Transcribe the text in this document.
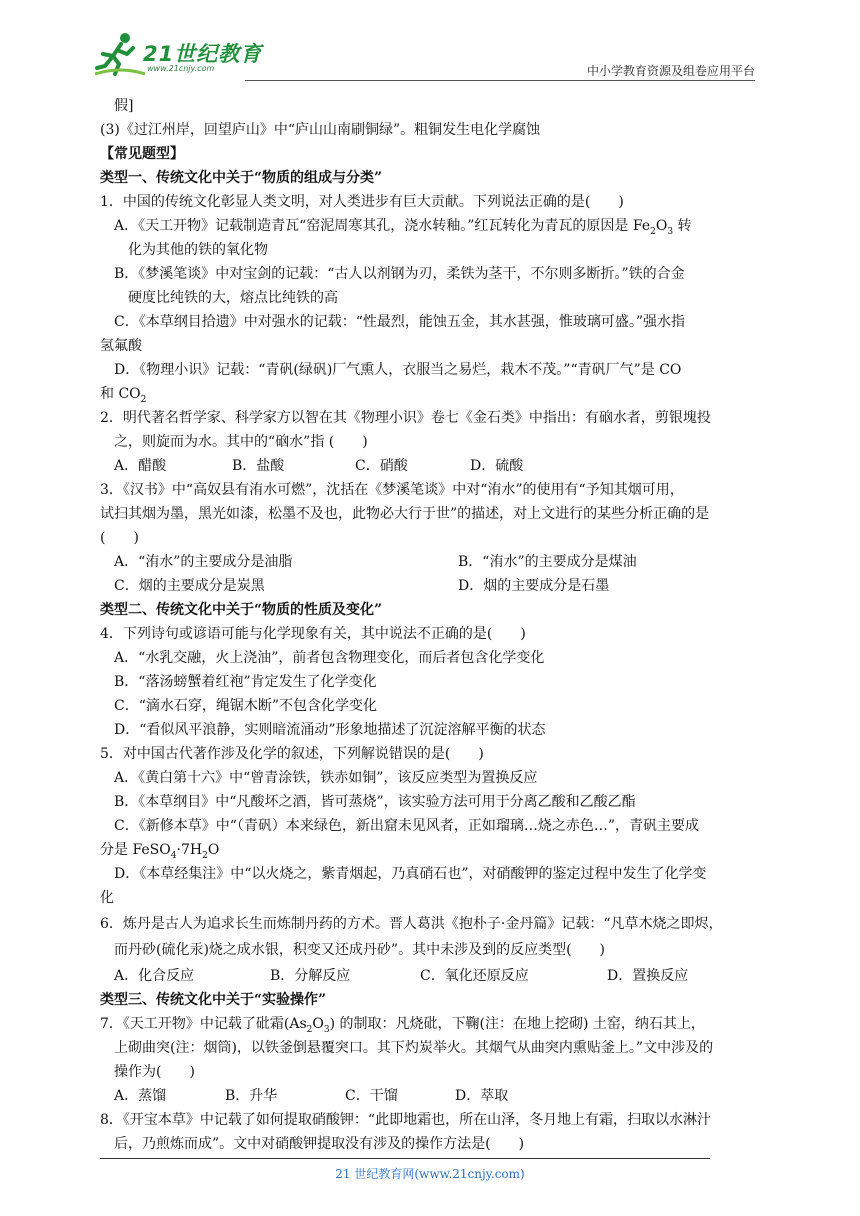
21世纪教育
www.21cnjy.com	中小学教育资源及组卷应用平台
假]
(3)《过江州岸，回望庐山》中“庐山山南刷铜绿”。粗铜发生电化学腐蚀
【常见题型】
类型一、传统文化中关于“物质的组成与分类”
1．中国的传统文化彰显人类文明，对人类进步有巨大贡献。下列说法正确的是(　　)
A．《天工开物》记载制造青瓦“窑泥周寒其孔，浇水转釉。”红瓦转化为青瓦的原因是 $Fe_2O_3$ 转
化为其他的铁的氧化物
B．《梦溪笔谈》中对宝剑的记载：“古人以剂钢为刃，柔铁为茎干，不尔则多断折。”铁的合金
硬度比纯铁的大，熔点比纯铁的高
C．《本草纲目拾遗》中对强水的记载：“性最烈，能蚀五金，其水甚强，惟玻璃可盛。”强水指
氢氟酸
D．《物理小识》记载：“青矾(绿矾)厂气熏人，衣服当之易烂，栽木不茂。”“青矾厂气”是 CO
和 $CO_2$
2．明代著名哲学家、科学家方以智在其《物理小识》卷七《金石类》中指出：有硇水者，剪银塊投
之，则旋而为水。其中的“硇水”指 (　　)
A．醋酸	B．盐酸	C．硝酸	D．硫酸
3．《汉书》中“高奴县有洧水可燃”，沈括在《梦溪笔谈》中对“洧水”的使用有“予知其烟可用，
试扫其烟为墨，黑光如漆，松墨不及也，此物必大行于世”的描述，对上文进行的某些分析正确的是
(　　)
A．“洧水”的主要成分是油脂	B．“洧水”的主要成分是煤油
C．烟的主要成分是炭黑	D．烟的主要成分是石墨
类型二、传统文化中关于“物质的性质及变化”
4．下列诗句或谚语可能与化学现象有关，其中说法不正确的是(　　)
A．“水乳交融，火上浇油”，前者包含物理变化，而后者包含化学变化
B．“落汤螃蟹着红袍”肯定发生了化学变化
C．“滴水石穿，绳锯木断”不包含化学变化
D．“看似风平浪静，实则暗流涌动”形象地描述了沉淀溶解平衡的状态
5．对中国古代著作涉及化学的叙述，下列解说错误的是(　　)
A．《黄白第十六》中“曾青涂铁，铁赤如铜”，该反应类型为置换反应
B．《本草纲目》中“凡酸坏之酒，皆可蒸烧”，该实验方法可用于分离乙酸和乙酸乙酯
C．《新修本草》中“（青矾）本来绿色，新出窟未见风者，正如瑠璃…烧之赤色…”，青矾主要成
分是 $FeSO_4\cdot 7H_2O$
D．《本草经集注》中“以火烧之，紫青烟起，乃真硝石也”，对硝酸钾的鉴定过程中发生了化学变
化
6．炼丹是古人为追求长生而炼制丹药的方术。晋人葛洪《抱朴子·金丹篇》记载：“凡草木烧之即烬，
而丹砂(硫化汞)烧之成水银，积变又还成丹砂”。其中未涉及到的反应类型(　　)
A．化合反应	B．分解反应	C．氧化还原反应	D．置换反应
类型三、传统文化中关于“实验操作”
7．《天工开物》中记载了砒霜$(As_2O_3)$ 的制取：凡烧砒，下鞠(注：在地上挖砌) 土窑，纳石其上，
上砌曲突(注：烟筒)，以铁釜倒悬覆突口。其下灼炭举火。其烟气从曲突内熏贴釜上。”文中涉及的
操作为(　　)
A．蒸馏	B．升华	C．干馏	D．萃取
8．《开宝本草》中记载了如何提取硝酸钾：“此即地霜也，所在山泽，冬月地上有霜，扫取以水淋汁
后，乃煎炼而成”。文中对硝酸钾提取没有涉及的操作方法是(　　)
21 世纪教育网(www.21cnjy.com)
